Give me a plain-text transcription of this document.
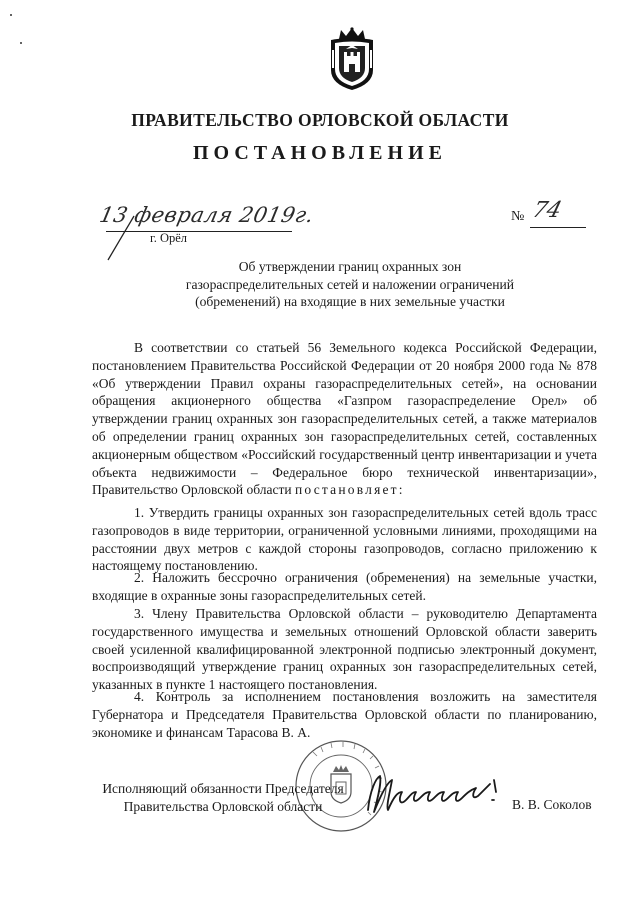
ПРАВИТЕЛЬСТВО ОРЛОВСКОЙ ОБЛАСТИ
ПОСТАНОВЛЕНИЕ
13 февраля 2019г.
г. Орёл
№ 74
Об утверждении границ охранных зон газораспределительных сетей и наложении ограничений (обременений) на входящие в них земельные участки
В соответствии со статьей 56 Земельного кодекса Российской Федерации, постановлением Правительства Российской Федерации от 20 ноября 2000 года № 878 «Об утверждении Правил охраны газораспределительных сетей», на основании обращения акционерного общества «Газпром газораспределение Орел» об утверждении границ охранных зон газораспределительных сетей, а также материалов об определении границ охранных зон газораспределительных сетей, составленных акционерным обществом «Российский государственный центр инвентаризации и учета объекта недвижимости – Федеральное бюро технической инвентаризации», Правительство Орловской области постановляет:
1. Утвердить границы охранных зон газораспределительных сетей вдоль трасс газопроводов в виде территории, ограниченной условными линиями, проходящими на расстоянии двух метров с каждой стороны газопроводов, согласно приложению к настоящему постановлению.
2. Наложить бессрочно ограничения (обременения) на земельные участки, входящие в охранные зоны газораспределительных сетей.
3. Члену Правительства Орловской области – руководителю Департамента государственного имущества и земельных отношений Орловской области заверить своей усиленной квалифицированной электронной подписью электронный документ, воспроизводящий утверждение границ охранных зон газораспределительных сетей, указанных в пункте 1 настоящего постановления.
4. Контроль за исполнением постановления возложить на заместителя Губернатора и Председателя Правительства Орловской области по планированию, экономике и финансам Тарасова В. А.
Исполняющий обязанности Председателя
Правительства Орловской области	В. В. Соколов
